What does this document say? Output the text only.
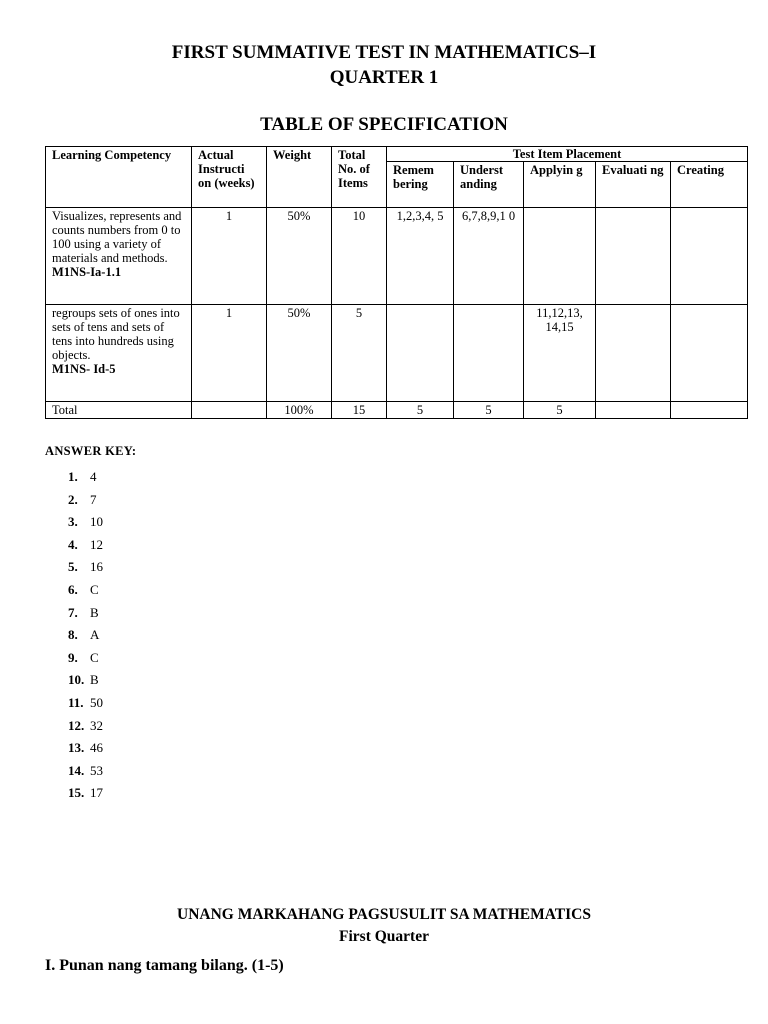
FIRST SUMMATIVE TEST IN MATHEMATICS–I
QUARTER 1
TABLE OF SPECIFICATION
Learning Competency	Actual Instructi on (weeks)	Weight	Total No. of Items	Test Item Placement				
				Remem bering	Underst anding	Applyin g	Evaluati ng	Creating

Visualizes, represents and counts numbers from 0 to 100 using a variety of materials and methods.
M1NS-Ia-1.1	1	50%	10	1,2,3,4, 5	6,7,8,9,1 0			

regroups sets of ones into sets of tens and sets of tens into hundreds using objects.
M1NS- Id-5	1	50%	5			11,12,13, 14,15		
Total		100%	15	5	5	5		
ANSWER KEY:
1. 4
2. 7
3. 10
4. 12
5. 16
6. C
7. B
8. A
9. C
10. B
11. 50
12. 32
13. 46
14. 53
15. 17
UNANG MARKAHANG PAGSUSULIT SA MATHEMATICS
First Quarter
I. Punan nang tamang bilang. (1-5)
